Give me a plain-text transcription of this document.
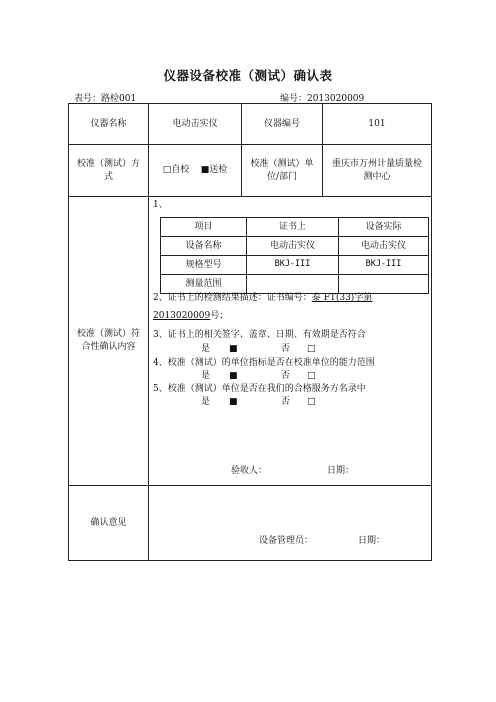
仪器设备校准（测试）确认表
表号：路检001	编号：2013020009
仪器名称	电动击实仪	仪器编号	101
校准（测试）方式	□自校 ■送检	校准（测试）单位/部门	重庆市万州计量质量检测中心
校准（测试）符合性确认内容	
1、
项目	证书上	设备实际
设备名称	电动击实仪	电动击实仪
规格型号	BKJ-III	BKJ-III
测量范围		
2、证书上的检测结果描述：证书编号：泰 FT(33)字第
2013020009号；
3、证书上的相关签字、盖章、日期、有效期是否符合
是 ■	否 □
4、校准（测试）的单位指标是否在校准单位的能力范围
是 ■	否 □
5、校准（测试）单位是否在我们的合格服务方名录中
是 ■	否 □
验收人：	日期：

确认意见	
设备管理员：	日期：
